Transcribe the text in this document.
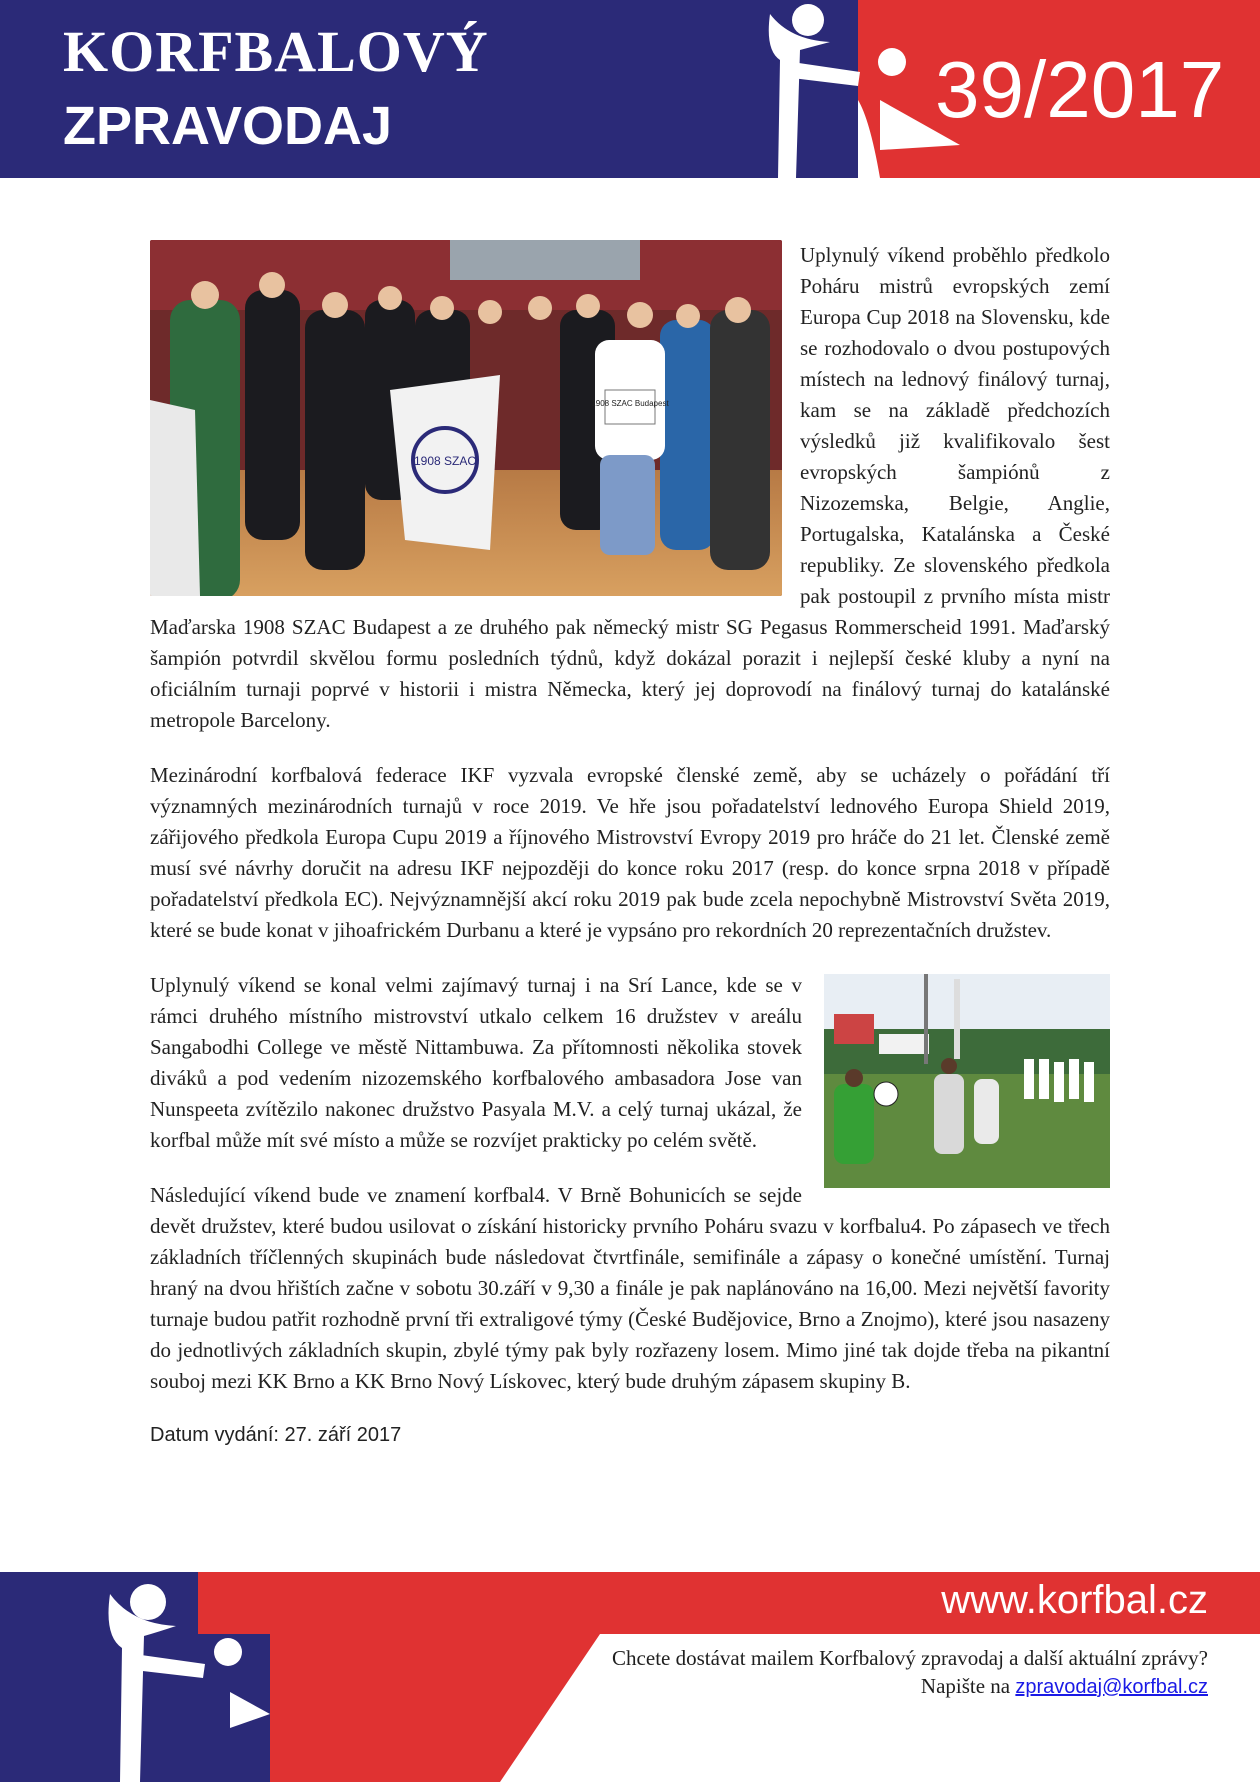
KORFBALOVÝ
ZPRAVODAJ	39/2017
1908 SZAC
1908 SZAC Budapest

Uplynulý víkend proběhlo předkolo Poháru mistrů evropských zemí Europa Cup 2018 na Slovensku, kde se rozhodovalo o dvou postupových místech na lednový finálový turnaj, kam se na základě předchozích výsledků již kvalifikovalo šest evropských šampiónů z Nizozemska, Belgie, Anglie, Portugalska, Katalánska a České republiky. Ze slovenského předkola pak postoupil z prvního místa mistr Maďarska 1908 SZAC Budapest a ze druhého pak německý mistr SG Pegasus Rommerscheid 1991. Maďarský šampión potvrdil skvělou formu posledních týdnů, když dokázal porazit i nejlepší české kluby a nyní na oficiálním turnaji poprvé v historii i mistra Německa, který jej doprovodí na finálový turnaj do katalánské metropole Barcelony.

Mezinárodní korfbalová federace IKF vyzvala evropské členské země, aby se ucházely o pořádání tří významných mezinárodních turnajů v roce 2019. Ve hře jsou pořadatelství lednového Europa Shield 2019, zářijového předkola Europa Cupu 2019 a říjnového Mistrovství Evropy 2019 pro hráče do 21 let. Členské země musí své návrhy doručit na adresu IKF nejpozději do konce roku 2017 (resp. do konce srpna 2018 v případě pořadatelství předkola EC). Nejvýznamnější akcí roku 2019 pak bude zcela nepochybně Mistrovství Světa 2019, které se bude konat v jihoafrickém Durbanu a které je vypsáno pro rekordních 20 reprezentačních družstev.

Uplynulý víkend se konal velmi zajímavý turnaj i na Srí Lance, kde se v rámci druhého místního mistrovství utkalo celkem 16 družstev v areálu Sangabodhi College ve městě Nittambuwa. Za přítomnosti několika stovek diváků a pod vedením nizozemského korfbalového ambasadora Jose van Nunspeeta zvítězilo nakonec družstvo Pasyala M.V. a celý turnaj ukázal, že korfbal může mít své místo a může se rozvíjet prakticky po celém světě.

Následující víkend bude ve znamení korfbal4. V Brně Bohunicích se sejde devět družstev, které budou usilovat o získání historicky prvního Poháru svazu v korfbalu4. Po zápasech ve třech základních tříčlenných skupinách bude následovat čtvrtfinále, semifinále a zápasy o konečné umístění. Turnaj hraný na dvou hřištích začne v sobotu 30.září v 9,30 a finále je pak naplánováno na 16,00. Mezi největší favority turnaje budou patřit rozhodně první tři extraligové týmy (České Budějovice, Brno a Znojmo), které jsou nasazeny do jednotlivých základních skupin, zbylé týmy pak byly rozřazeny losem. Mimo jiné tak dojde třeba na pikantní souboj mezi KK Brno a KK Brno Nový Lískovec, který bude druhým zápasem skupiny B.

Datum vydání: 27. září 2017

www.korfbal.cz
Chcete dostávat mailem Korfbalový zpravodaj a další aktuální zprávy?
Napište na zpravodaj@korfbal.cz
